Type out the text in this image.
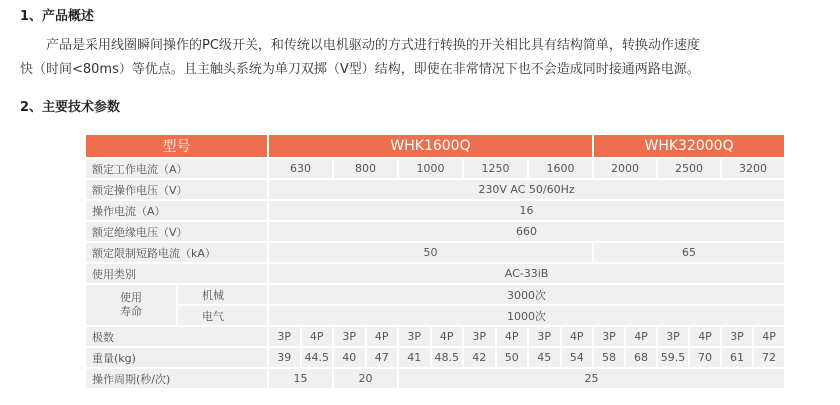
1、产品概述

产品是采用线圈瞬间操作的PC级开关，和传统以电机驱动的方式进行转换的开关相比具有结构简单，转换动作速度

快（时间<80ms）等优点。且主触头系统为单刀双掷（V型）结构，即使在非常情况下也不会造成同时接通两路电源。
2、主要技术参数
型号		WHK1600Q										WHK32000Q					
额定工作电流（A）		630		800		1000		1250		1600		2000		2500		3200	
额定操作电压（V）		230V AC 50/60Hz															
操作电流（A）		16															
额定绝缘电压（V）		660															
额定限制短路电流（kA）		50										65					
使用类别		AC-33iB															
使用
寿命	机械	3000次															
	电气	1000次															
极数		3P	4P	3P	4P	3P	4P	3P	4P	3P	4P	3P	4P	3P	4P	3P	4P
重量(kg)		39	44.5	40	47	41	48.5	42	50	45	54	58	68	59.5	70	61	72
操作周期(秒/次)		15		20		25											
